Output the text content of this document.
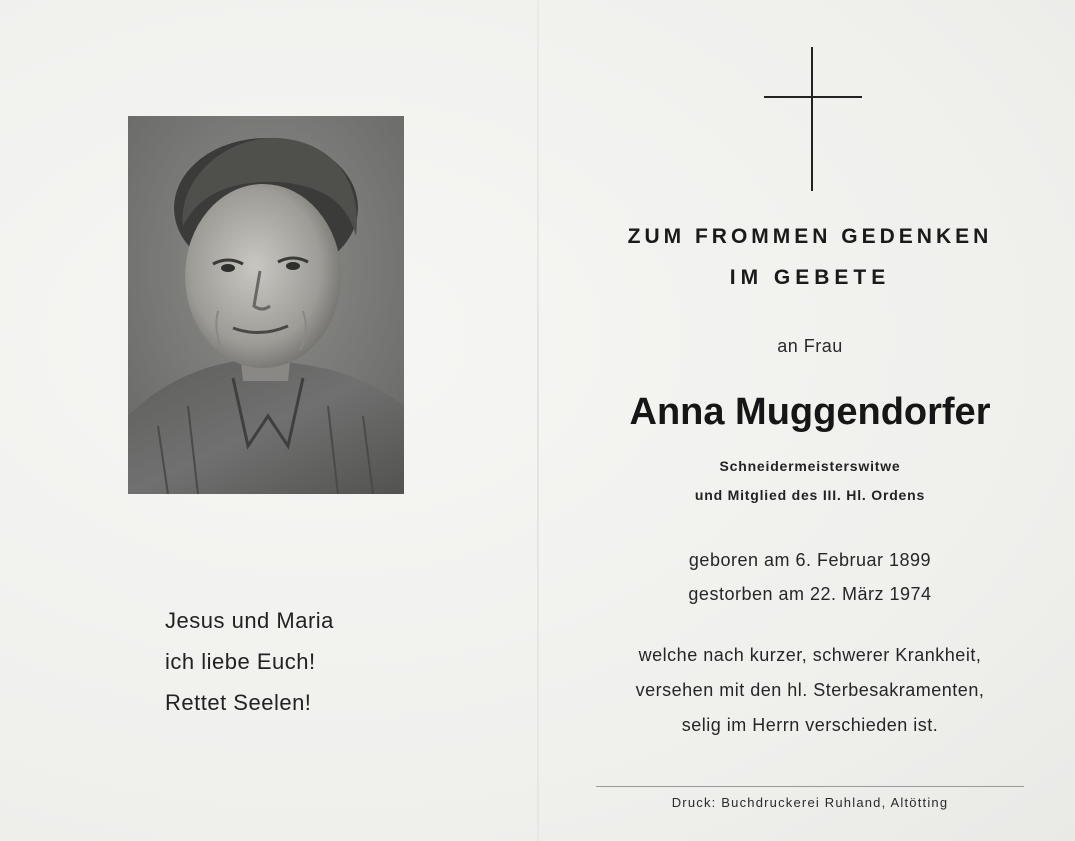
Jesus und Maria
ich liebe Euch!
Rettet Seelen!
ZUM FROMMEN GEDENKEN
IM GEBETE
an Frau
Anna Muggendorfer
Schneidermeisterswitwe
und Mitglied des III. Hl. Ordens
geboren am 6. Februar 1899
gestorben am 22. März 1974
welche nach kurzer, schwerer Krankheit,
versehen mit den hl. Sterbesakramenten,
selig im Herrn verschieden ist.
Druck: Buchdruckerei Ruhland, Altötting
